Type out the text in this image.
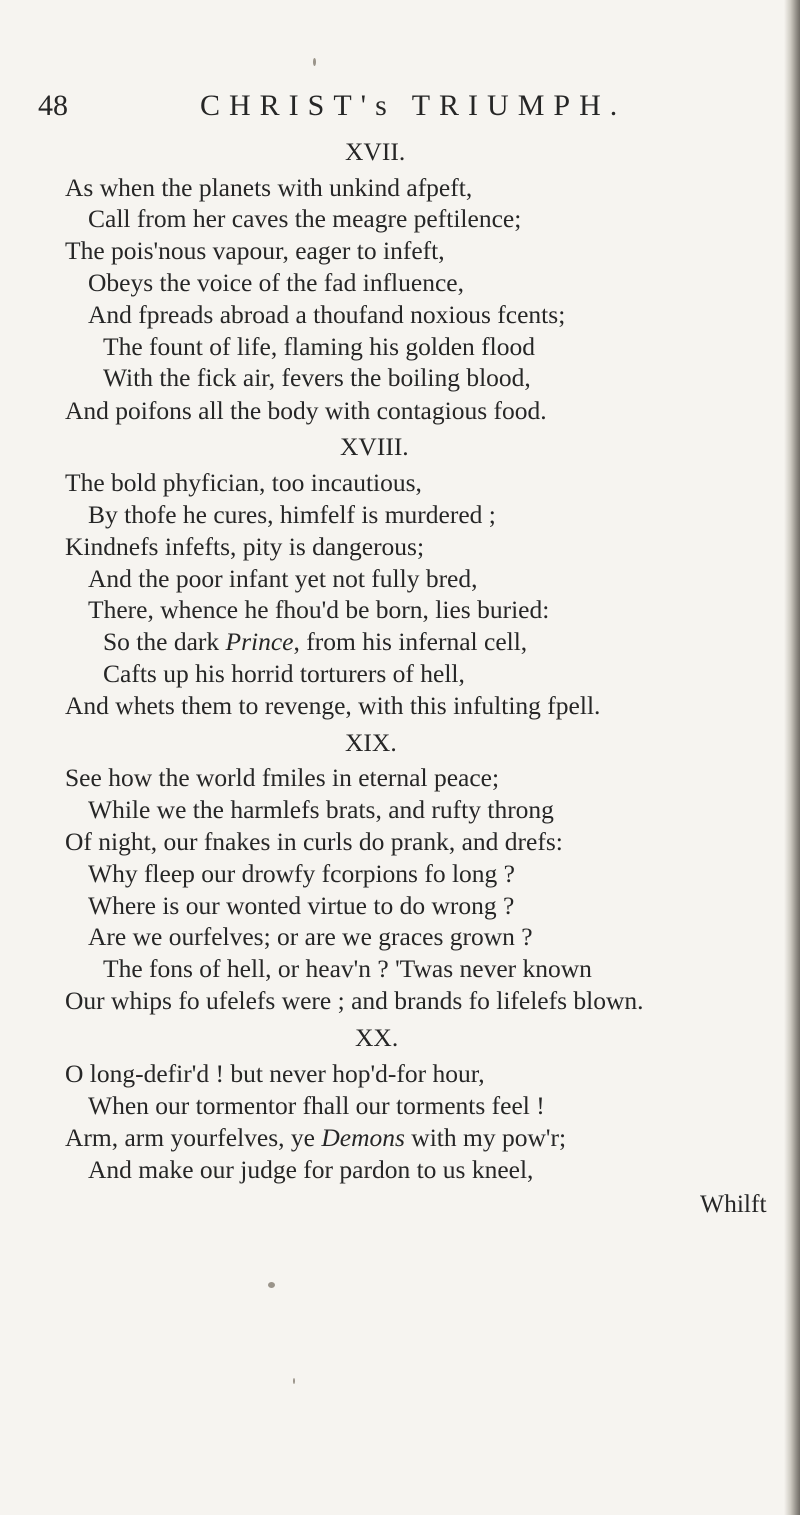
48	CHRIST's TRIUMPH.
XVII.
As when the planets with unkind afpeft,
Call from her caves the meagre peftilence;
The pois'nous vapour, eager to infeft,
Obeys the voice of the fad influence,
And fpreads abroad a thoufand noxious fcents;
The fount of life, flaming his golden flood
With the fick air, fevers the boiling blood,
And poifons all the body with contagious food.
XVIII.
The bold phyfician, too incautious,
By thofe he cures, himfelf is murdered ;
Kindnefs infefts, pity is dangerous;
And the poor infant yet not fully bred,
There, whence he fhou'd be born, lies buried:
So the dark Prince, from his infernal cell,
Cafts up his horrid torturers of hell,
And whets them to revenge, with this infulting fpell.
XIX.
See how the world fmiles in eternal peace;
While we the harmlefs brats, and rufty throng
Of night, our fnakes in curls do prank, and drefs:
Why fleep our drowfy fcorpions fo long ?
Where is our wonted virtue to do wrong ?
Are we ourfelves; or are we graces grown ?
The fons of hell, or heav'n ? 'Twas never known
Our whips fo ufelefs were ; and brands fo lifelefs blown.
XX.
O long-defir'd ! but never hop'd-for hour,
When our tormentor fhall our torments feel !
Arm, arm yourfelves, ye Demons with my pow'r;
And make our judge for pardon to us kneel,
Whilft
